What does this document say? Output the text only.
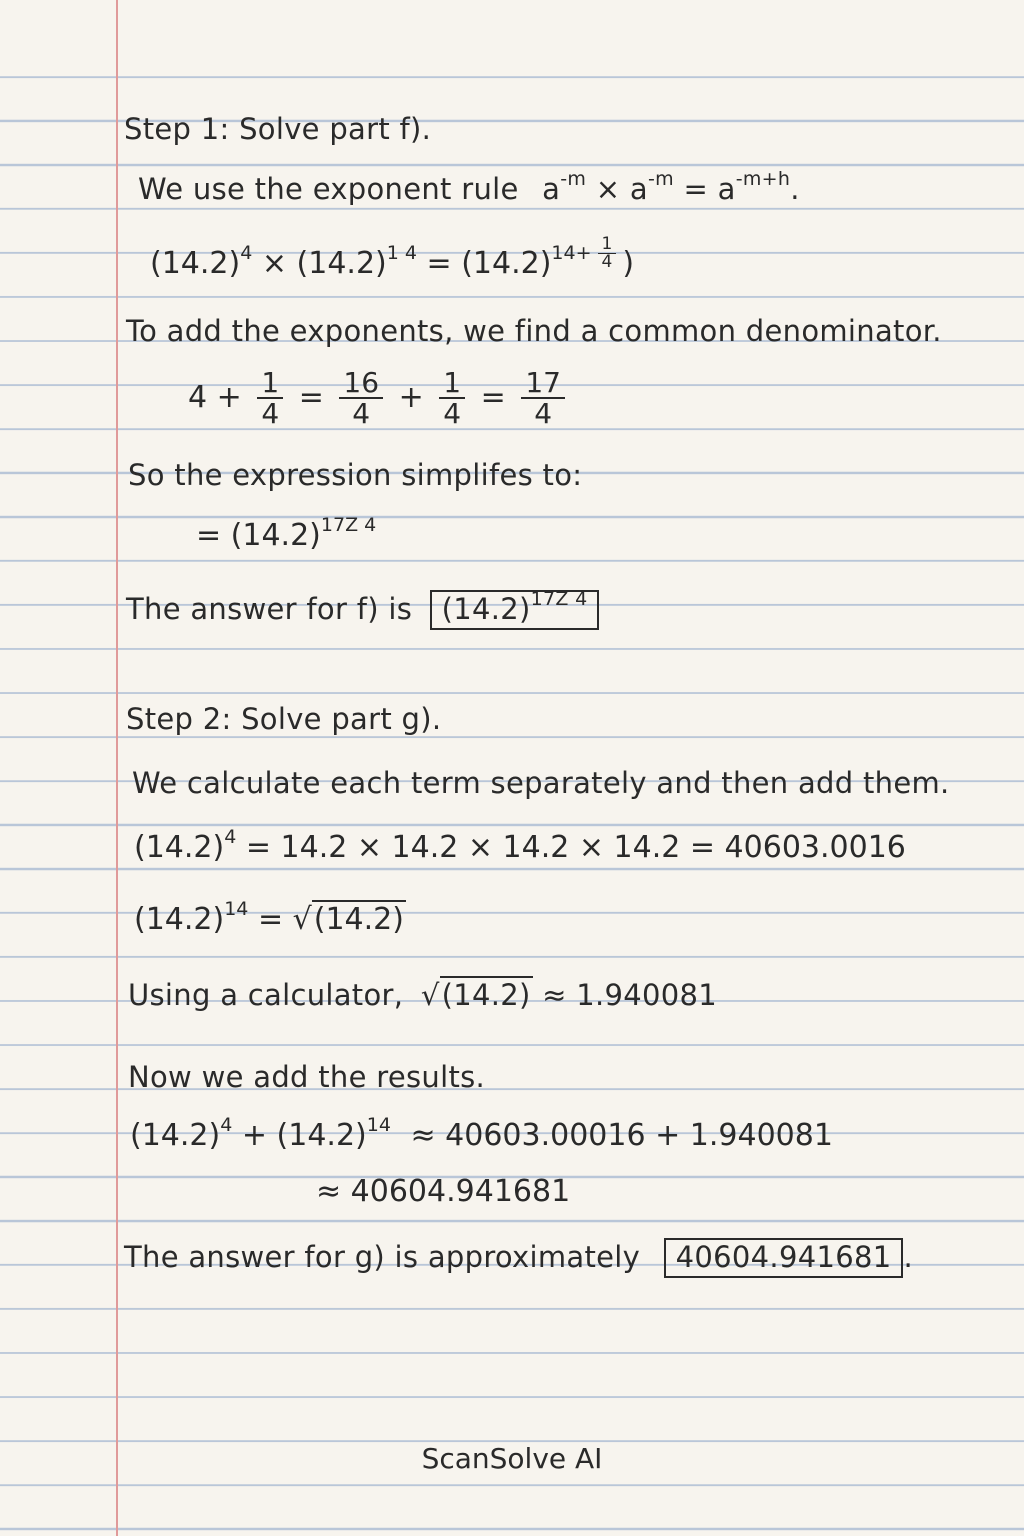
Step 1: Solve part f).
We use the exponent rule $a^{-m} \times a^{-m} = a^{-m+h}$.
$(14.2)^4 \times (14.2)^{1 4} = (14.2)^{14+ \frac{1}{4}}$ )
To add the exponents, we find a common denominator.
$4 + \frac{1}{4} = \frac{16}{4} + \frac{1}{4} = \frac{17}{4}$
So the expression simplifes to:
= $(14.2)^{17Z 4}$
The answer for f) is $(14.2)^{17Z 4}$
Step 2: Solve part g).
We calculate each term separately and then add them.
$(14.2)^4 = 14.2 \times 14.2 \times 14.2 \times 14.2 = 40603.0016$
$(14.2)^{14} = √(14.2)$
Using a calculator, √(14.2) ≈ 1.940081
Now we add the results.
$(14.2)^4 + (14.2)^{14} \approx 40603.00016 + 1.940081$
≈ 40604.941681
The answer for g) is approximately 40604.941681 .
ScanSolve AI
